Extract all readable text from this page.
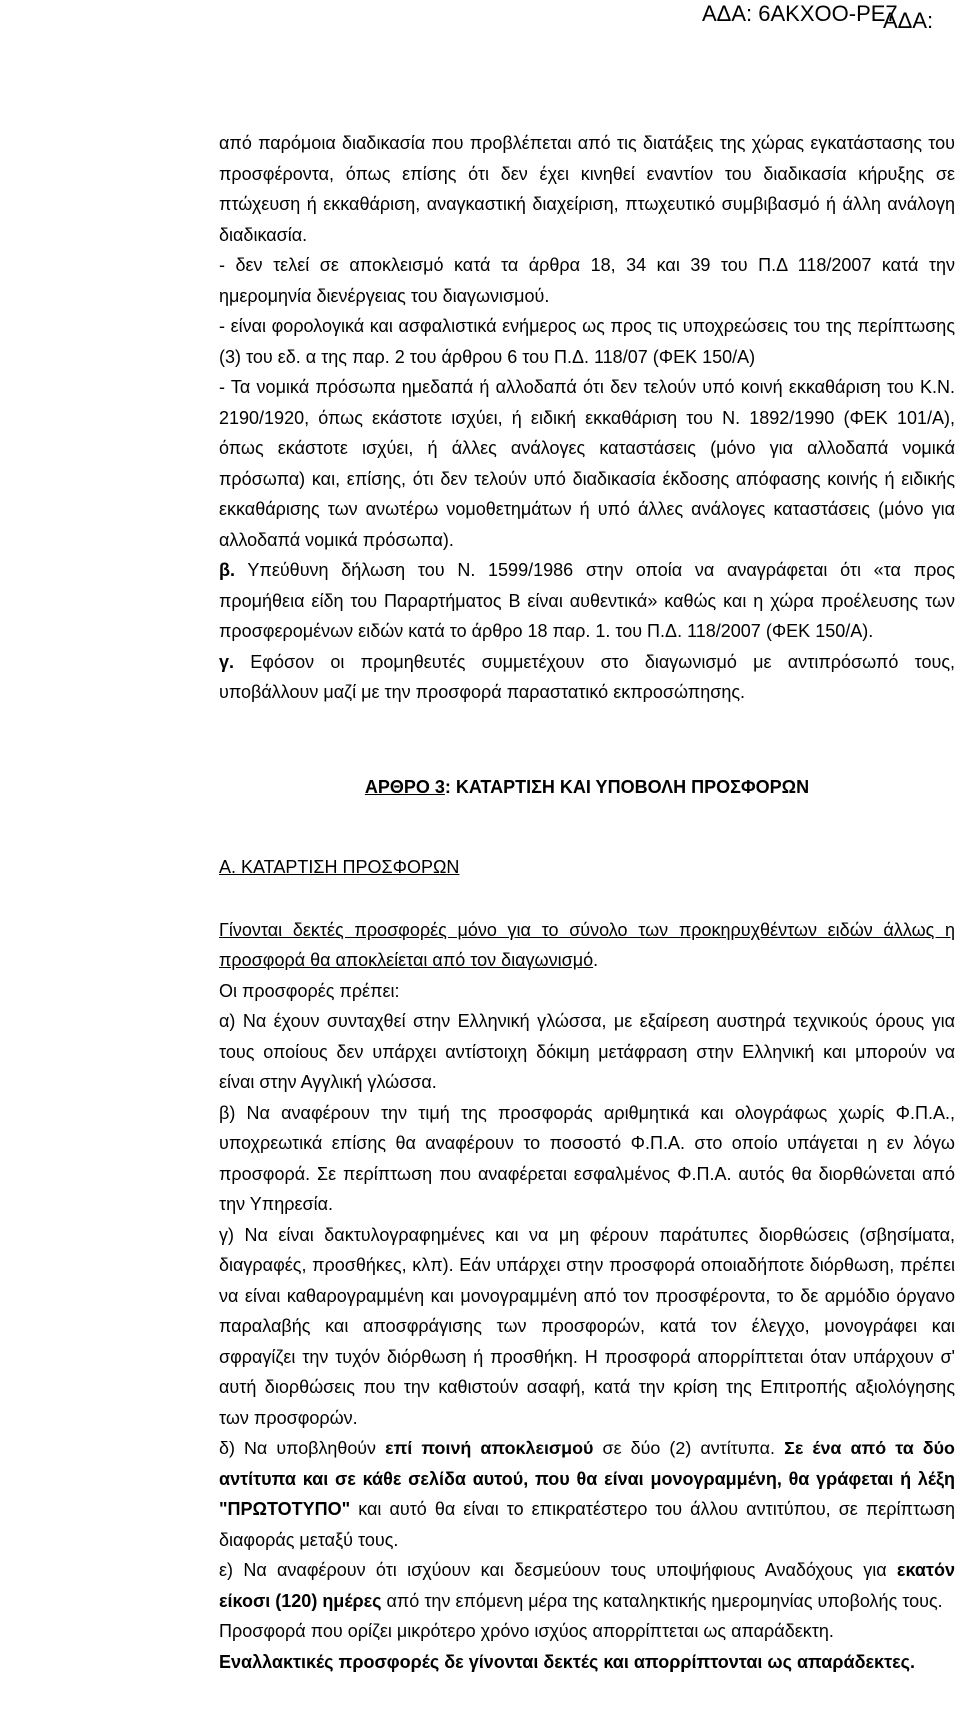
ΑΔΑ: 6ΑΚΧΟΟ-ΡΕ7
ΑΔΑ:
από παρόμοια διαδικασία που προβλέπεται από τις διατάξεις της χώρας εγκατάστασης του
προσφέροντα, όπως επίσης ότι δεν έχει κινηθεί εναντίον του διαδικασία κήρυξης σε
πτώχευση ή εκκαθάριση, αναγκαστική διαχείριση, πτωχευτικό συμβιβασμό ή άλλη ανάλογη
διαδικασία.
- δεν τελεί σε αποκλεισμό κατά τα άρθρα 18, 34 και 39 του Π.Δ 118/2007 κατά την
ημερομηνία διενέργειας του διαγωνισμού.
- είναι φορολογικά και ασφαλιστικά ενήμερος ως προς τις υποχρεώσεις του της περίπτωσης
(3) του εδ. α της παρ. 2 του άρθρου 6 του Π.Δ. 118/07 (ΦΕΚ 150/Α)
- Τα νομικά πρόσωπα ημεδαπά ή αλλοδαπά ότι δεν τελούν υπό κοινή εκκαθάριση του Κ.Ν.
2190/1920, όπως εκάστοτε ισχύει, ή ειδική εκκαθάριση του Ν. 1892/1990 (ΦΕΚ 101/Α),
όπως εκάστοτε ισχύει, ή άλλες ανάλογες καταστάσεις (μόνο για αλλοδαπά νομικά
πρόσωπα) και, επίσης, ότι δεν τελούν υπό διαδικασία έκδοσης απόφασης κοινής ή ειδικής
εκκαθάρισης των ανωτέρω νομοθετημάτων ή υπό άλλες ανάλογες καταστάσεις (μόνο για
αλλοδαπά νομικά πρόσωπα).
β. Υπεύθυνη δήλωση του Ν. 1599/1986 στην οποία να αναγράφεται ότι «τα προς
προμήθεια είδη του Παραρτήματος Β είναι αυθεντικά» καθώς και η χώρα προέλευσης των
προσφερομένων ειδών κατά το άρθρο 18 παρ. 1. του Π.Δ. 118/2007 (ΦΕΚ 150/Α).
γ. Εφόσον οι προμηθευτές συμμετέχουν στο διαγωνισμό με αντιπρόσωπό τους,
υποβάλλουν μαζί με την προσφορά παραστατικό εκπροσώπησης.
ΑΡΘΡΟ 3: ΚΑΤΑΡΤΙΣΗ ΚΑΙ ΥΠΟΒΟΛΗ ΠΡΟΣΦΟΡΩΝ
Α. ΚΑΤΑΡΤΙΣΗ ΠΡΟΣΦΟΡΩΝ
Γίνονται δεκτές προσφορές μόνο για το σύνολο των προκηρυχθέντων ειδών άλλως η
προσφορά θα αποκλείεται από τον διαγωνισμό.
Οι προσφορές πρέπει:
α) Να έχουν συνταχθεί στην Ελληνική γλώσσα, με εξαίρεση αυστηρά τεχνικούς όρους για
τους οποίους δεν υπάρχει αντίστοιχη δόκιμη μετάφραση στην Ελληνική και μπορούν να
είναι στην Αγγλική γλώσσα.
β) Να αναφέρουν την τιμή της προσφοράς αριθμητικά και ολογράφως χωρίς Φ.Π.Α.,
υποχρεωτικά επίσης θα αναφέρουν το ποσοστό Φ.Π.Α. στο οποίο υπάγεται η εν λόγω
προσφορά. Σε περίπτωση που αναφέρεται εσφαλμένος Φ.Π.Α. αυτός θα διορθώνεται από
την Υπηρεσία.
γ) Να είναι δακτυλογραφημένες και να μη φέρουν παράτυπες διορθώσεις (σβησίματα,
διαγραφές, προσθήκες, κλπ). Εάν υπάρχει στην προσφορά οποιαδήποτε διόρθωση, πρέπει
να είναι καθαρογραμμένη και μονογραμμένη από τον προσφέροντα, το δε αρμόδιο όργανο
παραλαβής και αποσφράγισης των προσφορών, κατά τον έλεγχο, μονογράφει και
σφραγίζει την τυχόν διόρθωση ή προσθήκη. Η προσφορά απορρίπτεται όταν υπάρχουν σ'
αυτή διορθώσεις που την καθιστούν ασαφή, κατά την κρίση της Επιτροπής αξιολόγησης
των προσφορών.
δ) Να υποβληθούν επί ποινή αποκλεισμού σε δύο (2) αντίτυπα. Σε ένα από τα δύο
αντίτυπα και σε κάθε σελίδα αυτού, που θα είναι μονογραμμένη, θα γράφεται ή λέξη
"ΠΡΩΤΟΤΥΠΟ" και αυτό θα είναι το επικρατέστερο του άλλου αντιτύπου, σε περίπτωση
διαφοράς μεταξύ τους.
ε) Να αναφέρουν ότι ισχύουν και δεσμεύουν τους υποψήφιους Αναδόχους για εκατόν
είκοσι (120) ημέρες από την επόμενη μέρα της καταληκτικής ημερομηνίας υποβολής τους.
Προσφορά που ορίζει μικρότερο χρόνο ισχύος απορρίπτεται ως απαράδεκτη.
Εναλλακτικές προσφορές δε γίνονται δεκτές και απορρίπτονται ως απαράδεκτες.
